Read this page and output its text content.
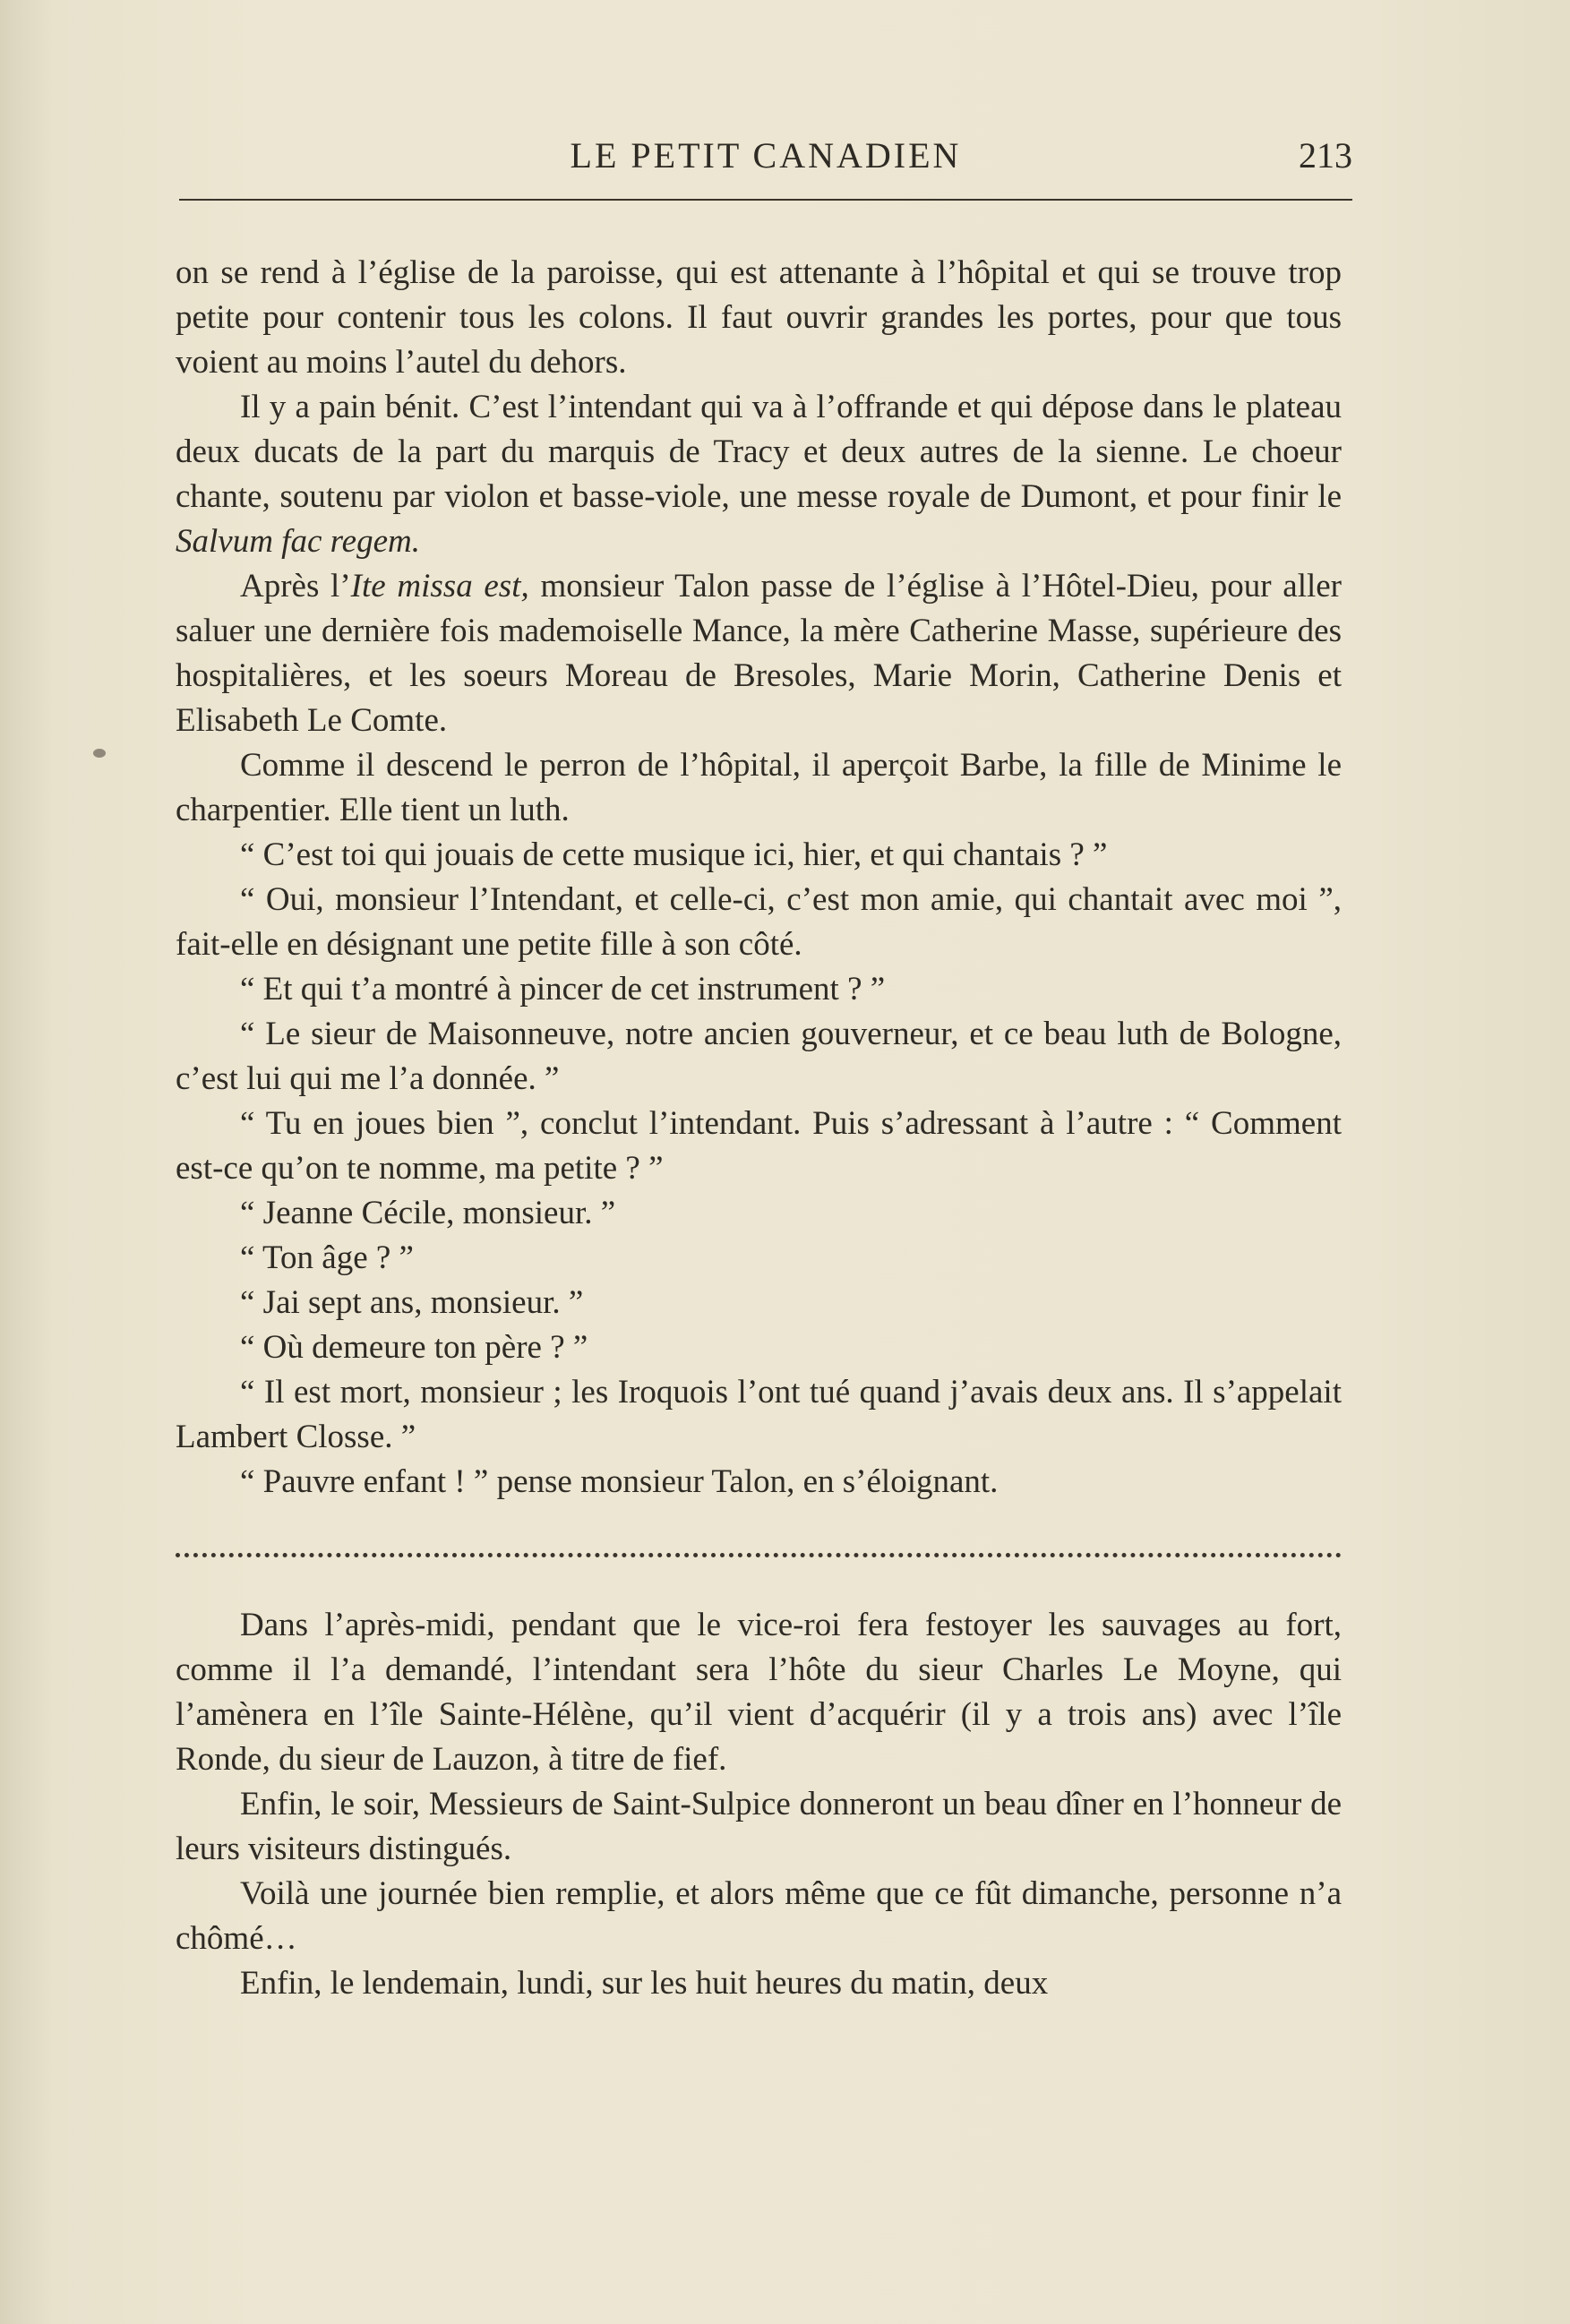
LE PETIT CANADIEN	213

on se rend à l’église de la paroisse, qui est attenante à l’hôpital et qui se trouve trop petite pour contenir tous les colons. Il faut ouvrir grandes les portes, pour que tous voient au moins l’autel du dehors.

Il y a pain bénit. C’est l’intendant qui va à l’offrande et qui dépose dans le plateau deux ducats de la part du marquis de Tracy et deux autres de la sienne. Le choeur chante, soutenu par violon et basse-viole, une messe royale de Dumont, et pour finir le Salvum fac regem.

Après l’Ite missa est, monsieur Talon passe de l’église à l’Hôtel-Dieu, pour aller saluer une dernière fois mademoiselle Mance, la mère Catherine Masse, supérieure des hospitalières, et les soeurs Moreau de Bresoles, Marie Morin, Catherine Denis et Elisabeth Le Comte.

Comme il descend le perron de l’hôpital, il aperçoit Barbe, la fille de Minime le charpentier. Elle tient un luth.

“ C’est toi qui jouais de cette musique ici, hier, et qui chantais ? ”

“ Oui, monsieur l’Intendant, et celle-ci, c’est mon amie, qui chantait avec moi ”, fait-elle en désignant une petite fille à son côté.

“ Et qui t’a montré à pincer de cet instrument ? ”

“ Le sieur de Maisonneuve, notre ancien gouverneur, et ce beau luth de Bologne, c’est lui qui me l’a donnée. ”

“ Tu en joues bien ”, conclut l’intendant. Puis s’adressant à l’autre : “ Comment est-ce qu’on te nomme, ma petite ? ”

“ Jeanne Cécile, monsieur. ”

“ Ton âge ? ”

“ Jai sept ans, monsieur. ”

“ Où demeure ton père ? ”

“ Il est mort, monsieur ; les Iroquois l’ont tué quand j’avais deux ans. Il s’appelait Lambert Closse. ”

“ Pauvre enfant ! ” pense monsieur Talon, en s’éloignant.

Dans l’après-midi, pendant que le vice-roi fera festoyer les sauvages au fort, comme il l’a demandé, l’intendant sera l’hôte du sieur Charles Le Moyne, qui l’amènera en l’île Sainte-Hélène, qu’il vient d’acquérir (il y a trois ans) avec l’île Ronde, du sieur de Lauzon, à titre de fief.

Enfin, le soir, Messieurs de Saint-Sulpice donneront un beau dîner en l’honneur de leurs visiteurs distingués.

Voilà une journée bien remplie, et alors même que ce fût dimanche, personne n’a chômé…

Enfin, le lendemain, lundi, sur les huit heures du matin, deux
